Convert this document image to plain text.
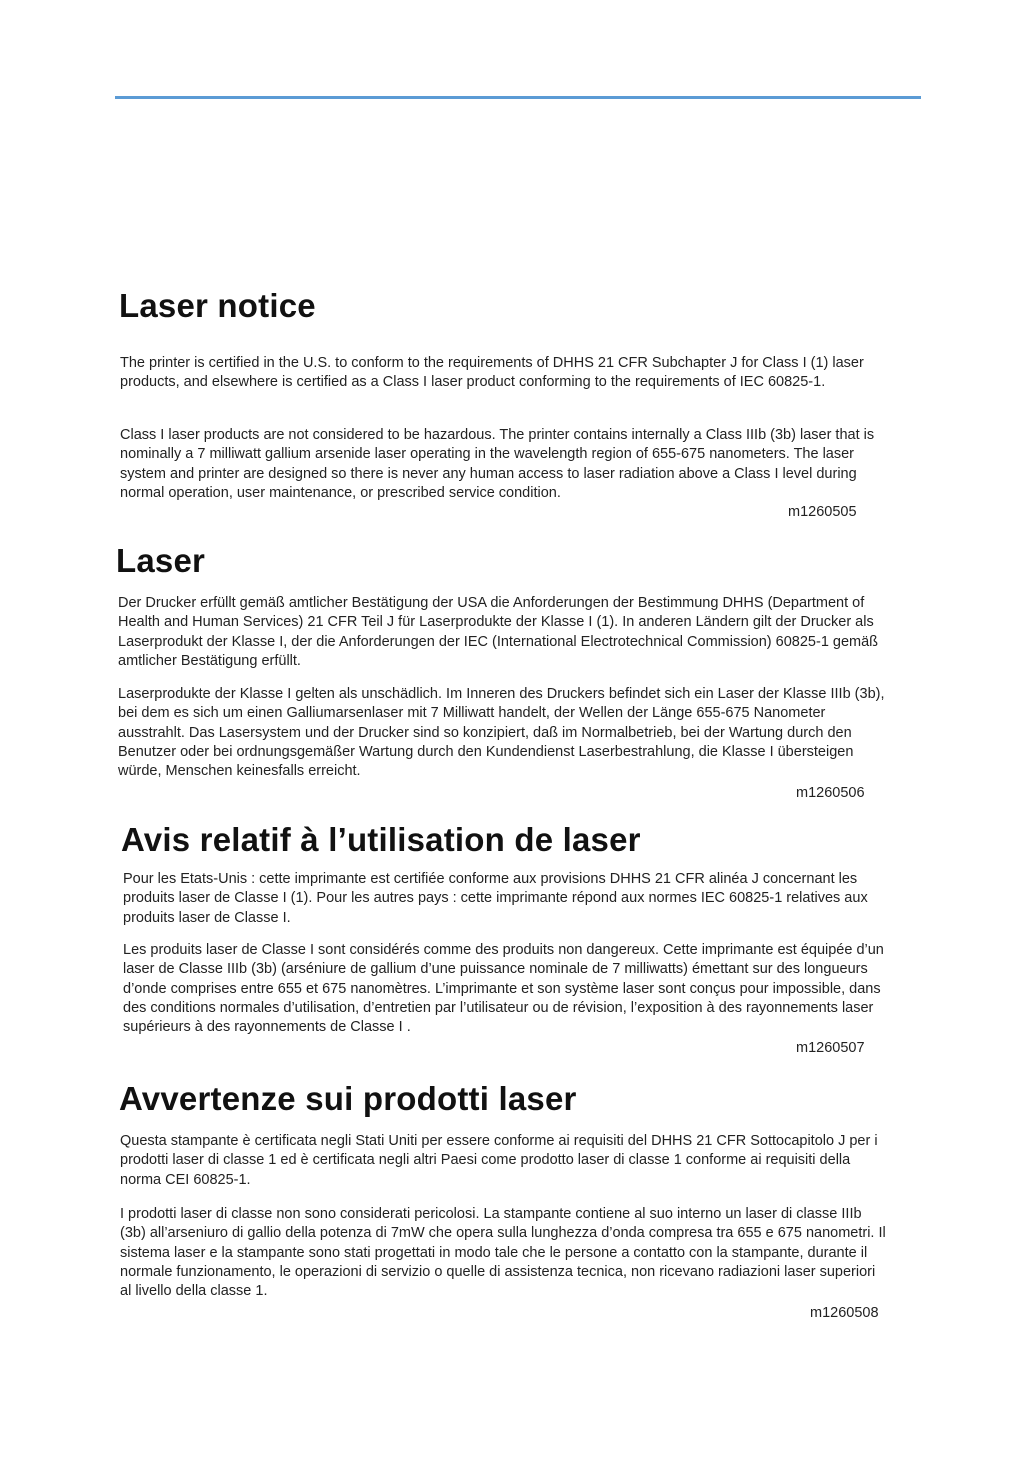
Laser notice

The printer is certified in the U.S. to conform to the requirements of DHHS 21 CFR Subchapter J for Class I (1) laser products, and elsewhere is certified as a Class I laser product conforming to the requirements of IEC 60825-1.

Class I laser products are not considered to be hazardous. The printer contains internally a Class IIIb (3b) laser that is nominally a 7 milliwatt gallium arsenide laser operating in the wavelength region of 655-675 nanometers. The laser system and printer are designed so there is never any human access to laser radiation above a Class I level during normal operation, user maintenance, or prescribed service condition.

m1260505

Laser

Der Drucker erfüllt gemäß amtlicher Bestätigung der USA die Anforderungen der Bestimmung DHHS (Department of Health and Human Services) 21 CFR Teil J für Laserprodukte der Klasse I (1). In anderen Ländern gilt der Drucker als Laserprodukt der Klasse I, der die Anforderungen der IEC (International Electrotechnical Commission) 60825-1 gemäß amtlicher Bestätigung erfüllt.

Laserprodukte der Klasse I gelten als unschädlich. Im Inneren des Druckers befindet sich ein Laser der Klasse IIIb (3b), bei dem es sich um einen Galliumarsenlaser mit 7 Milliwatt handelt, der Wellen der Länge 655-675 Nanometer ausstrahlt. Das Lasersystem und der Drucker sind so konzipiert, daß im Normalbetrieb, bei der Wartung durch den Benutzer oder bei ordnungsgemäßer Wartung durch den Kundendienst Laserbestrahlung, die Klasse I übersteigen würde, Menschen keinesfalls erreicht.

m1260506

Avis relatif à l’utilisation de laser

Pour les Etats-Unis : cette imprimante est certifiée conforme aux provisions DHHS 21 CFR alinéa J concernant les produits laser de Classe I (1). Pour les autres pays : cette imprimante répond aux normes IEC 60825-1 relatives aux produits laser de Classe I.

Les produits laser de Classe I sont considérés comme des produits non dangereux. Cette imprimante est équipée d’un laser de Classe IIIb (3b) (arséniure de gallium d’une puissance nominale de 7 milliwatts) émettant sur des longueurs d’onde comprises entre 655 et 675 nanomètres. L’imprimante et son système laser sont conçus pour impossible, dans des conditions normales d’utilisation, d’entretien par l’utilisateur ou de révision, l’exposition à des rayonnements laser supérieurs à des rayonnements de Classe I .

m1260507

Avvertenze sui prodotti laser

Questa stampante è certificata negli Stati Uniti per essere conforme ai requisiti del DHHS 21 CFR Sottocapitolo J per i prodotti laser di classe 1 ed è certificata negli altri Paesi come prodotto laser di classe 1 conforme ai requisiti della norma CEI 60825-1.

I prodotti laser di classe non sono considerati pericolosi. La stampante contiene al suo interno un laser di classe IIIb (3b) all’arseniuro di gallio della potenza di 7mW che opera sulla lunghezza d’onda compresa tra 655 e 675 nanometri. Il sistema laser e la stampante sono stati progettati in modo tale che le persone a contatto con la stampante, durante il normale funzionamento, le operazioni di servizio o quelle di assistenza tecnica, non ricevano radiazioni laser superiori al livello della classe 1.

m1260508
